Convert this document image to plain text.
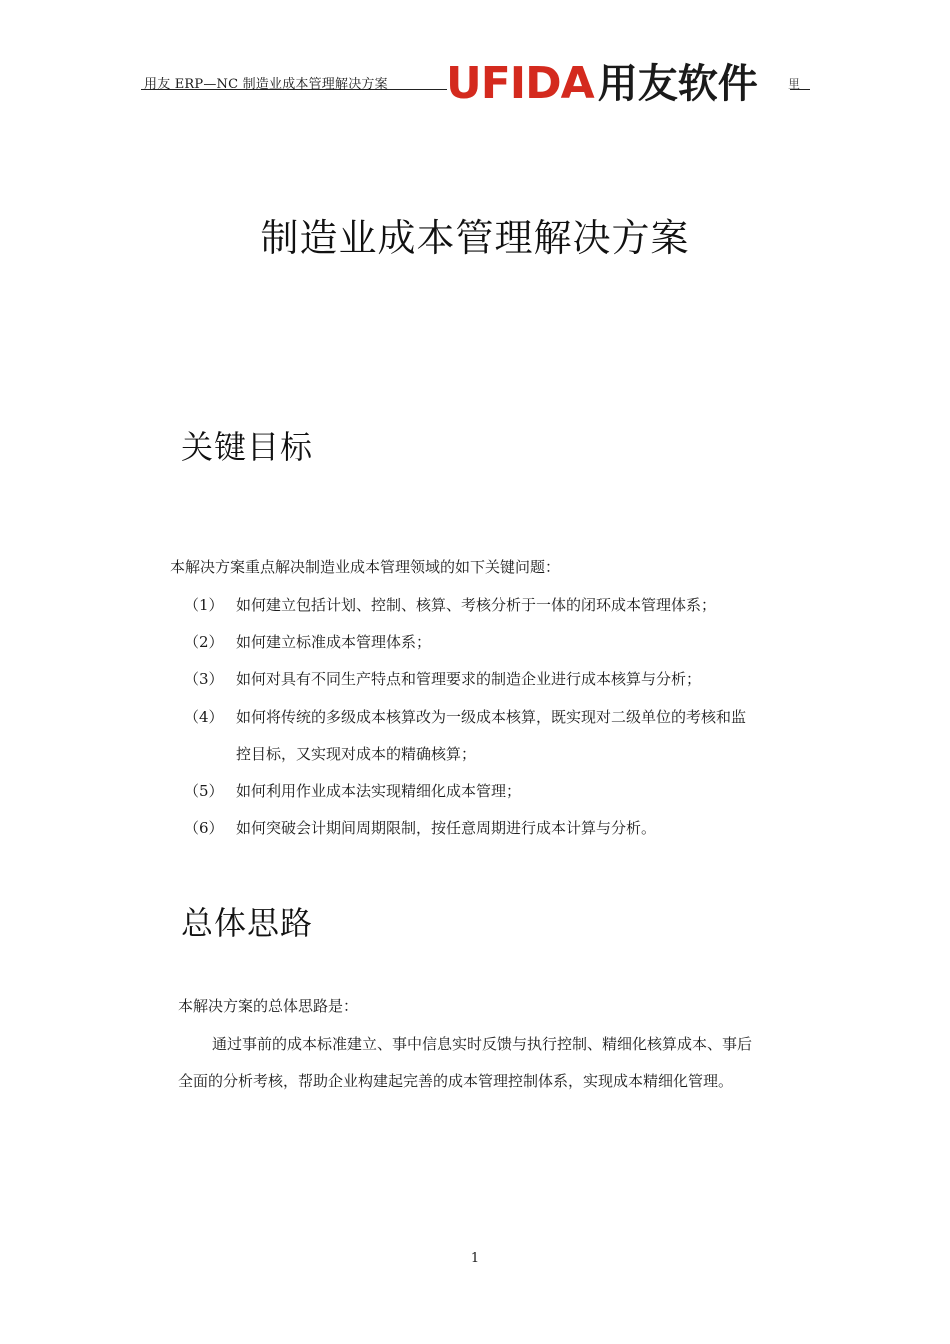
用友 ERP—NC 制造业成本管理解决方案 UFIDA 用友软件	里
制造业成本管理解决方案
关键目标
本解决方案重点解决制造业成本管理领域的如下关键问题：
（1） 如何建立包括计划、控制、核算、考核分析于一体的闭环成本管理体系；
（2） 如何建立标准成本管理体系；
（3） 如何对具有不同生产特点和管理要求的制造企业进行成本核算与分析；
（4） 如何将传统的多级成本核算改为一级成本核算，既实现对二级单位的考核和监
控目标，又实现对成本的精确核算；
（5） 如何利用作业成本法实现精细化成本管理；
（6） 如何突破会计期间周期限制，按任意周期进行成本计算与分析。
总体思路
本解决方案的总体思路是：
通过事前的成本标准建立、事中信息实时反馈与执行控制、精细化核算成本、事后
全面的分析考核，帮助企业构建起完善的成本管理控制体系，实现成本精细化管理。
1
